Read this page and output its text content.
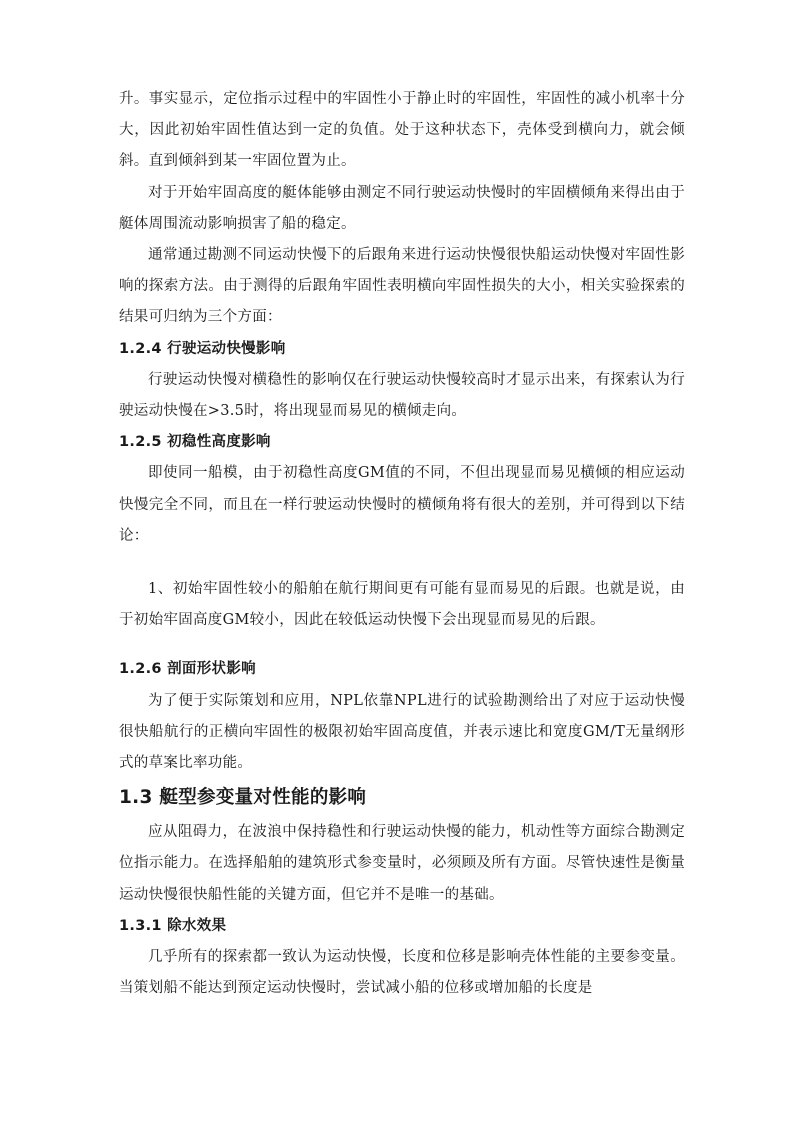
升。事实显示，定位指示过程中的牢固性小于静止时的牢固性，牢固性的减小机率十分大，因此初始牢固性值达到一定的负值。处于这种状态下，壳体受到横向力，就会倾斜。直到倾斜到某一牢固位置为止。

对于开始牢固高度的艇体能够由测定不同行驶运动快慢时的牢固横倾角来得出由于艇体周围流动影响损害了船的稳定。

通常通过勘测不同运动快慢下的后跟角来进行运动快慢很快船运动快慢对牢固性影响的探索方法。由于测得的后跟角牢固性表明横向牢固性损失的大小，相关实验探索的结果可归纳为三个方面：

1.2.4 行驶运动快慢影响

行驶运动快慢对横稳性的影响仅在行驶运动快慢较高时才显示出来，有探索认为行驶运动快慢在>3.5时，将出现显而易见的横倾走向。

1.2.5 初稳性高度影响

即使同一船模，由于初稳性高度GM值的不同，不但出现显而易见横倾的相应运动快慢完全不同，而且在一样行驶运动快慢时的横倾角将有很大的差别，并可得到以下结论：

1、初始牢固性较小的船舶在航行期间更有可能有显而易见的后跟。也就是说，由于初始牢固高度GM较小，因此在较低运动快慢下会出现显而易见的后跟。

1.2.6 剖面形状影响

为了便于实际策划和应用，NPL依靠NPL进行的试验勘测给出了对应于运动快慢很快船航行的正横向牢固性的极限初始牢固高度值，并表示速比和宽度GM/T无量纲形式的草案比率功能。

1.3 艇型参变量对性能的影响

应从阻碍力，在波浪中保持稳性和行驶运动快慢的能力，机动性等方面综合勘测定位指示能力。在选择船舶的建筑形式参变量时，必须顾及所有方面。尽管快速性是衡量运动快慢很快船性能的关键方面，但它并不是唯一的基础。

1.3.1 除水效果

几乎所有的探索都一致认为运动快慢，长度和位移是影响壳体性能的主要参变量。当策划船不能达到预定运动快慢时，尝试减小船的位移或增加船的长度是
